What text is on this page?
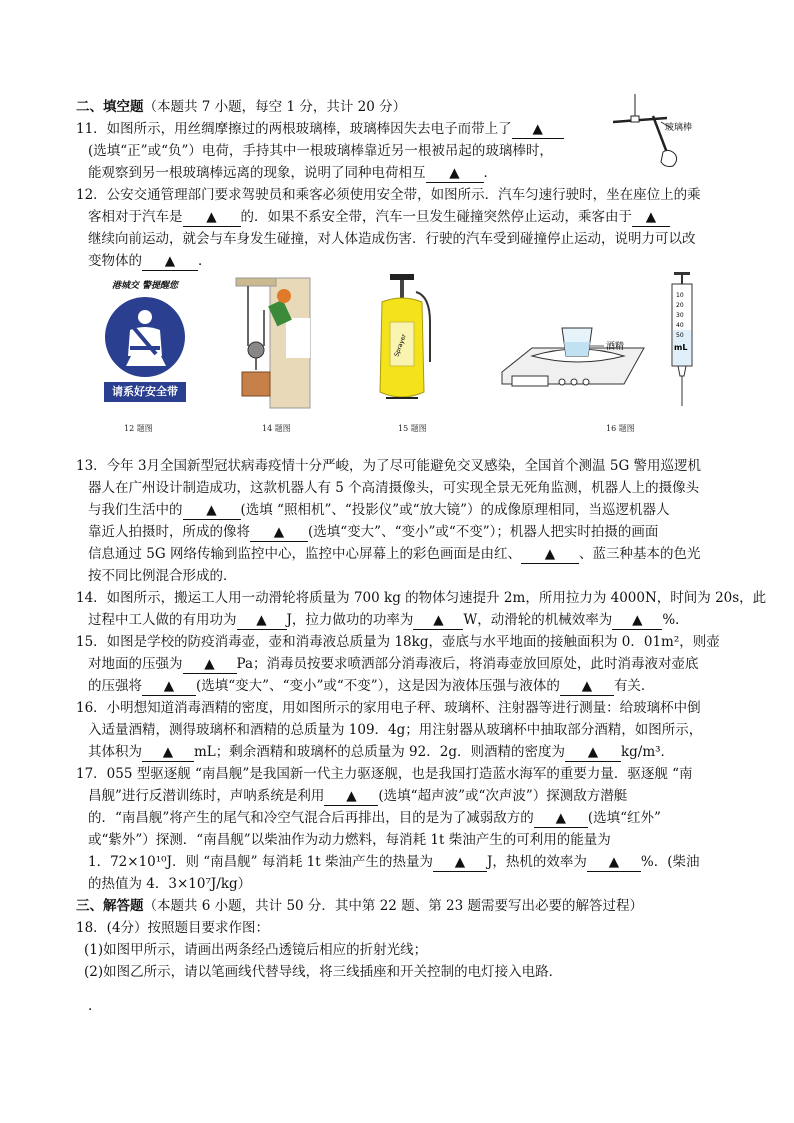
二、填空题（本题共 7 小题，每空 1 分，共计 20 分）
11．如图所示，用丝绸摩擦过的两根玻璃棒，玻璃棒因失去电子而带上了 ▲
(选填“正”或“负”）电荷，手持其中一根玻璃棒靠近另一根被吊起的玻璃棒时，
能观察到另一根玻璃棒远离的现象，说明了同种电荷相互 ▲ ．
玻璃棒
12．公安交通管理部门要求驾驶员和乘客必须使用安全带，如图所示．汽车匀速行驶时，坐在座位上的乘
客相对于汽车是 ▲ 的．如果不系安全带，汽车一旦发生碰撞突然停止运动，乘客由于 ▲
继续向前运动，就会与车身发生碰撞，对人体造成伤害．行驶的汽车受到碰撞停止运动，说明力可以改
变物体的 ▲ ．
港城交 警提醒您
请系好安全带
12 题图	14 题图
Sprayer
15 题图
酒精
10
20
30
40
50
mL
16 题图
13．今年 3月全国新型冠状病毒疫情十分严峻，为了尽可能避免交叉感染，全国首个测温 5G 警用巡逻机
器人在广州设计制造成功，这款机器人有 5 个高清摄像头，可实现全景无死角监测，机器人上的摄像头
与我们生活中的 ▲ (选填 “照相机”、“投影仪”或“放大镜”）的成像原理相同，当巡逻机器人
靠近人拍摄时，所成的像将 ▲ (选填“变大”、“变小”或“不变”）；机器人把实时拍摄的画面
信息通过 5G 网络传输到监控中心，监控中心屏幕上的彩色画面是由红、 ▲ 、蓝三种基本的色光
按不同比例混合形成的．
14．如图所示，搬运工人用一动滑轮将质量为 700 kg 的物体匀速提升 2m，所用拉力为 4000N，时间为 20s，此
过程中工人做的有用功为 ▲ J，拉力做功的功率为 ▲ W，动滑轮的机械效率为 ▲ %．
15．如图是学校的防疫消毒壶，壶和消毒液总质量为 18kg，壶底与水平地面的接触面积为 0．01m²，则壶
对地面的压强为 ▲ Pa；消毒员按要求喷洒部分消毒液后，将消毒壶放回原处，此时消毒液对壶底
的压强将 ▲ (选填“变大”、“变小”或“不变”），这是因为液体压强与液体的 ▲ 有关．
16．小明想知道消毒酒精的密度，用如图所示的家用电子秤、玻璃杯、注射器等进行测量：给玻璃杯中倒
入适量酒精，测得玻璃杯和酒精的总质量为 109．4g；用注射器从玻璃杯中抽取部分酒精，如图所示，
其体积为 ▲ mL；剩余酒精和玻璃杯的总质量为 92．2g．则酒精的密度为 ▲ kg/m³．
17．055 型驱逐舰 “南昌舰”是我国新一代主力驱逐舰，也是我国打造蓝水海军的重要力量．驱逐舰 “南
昌舰”进行反潜训练时，声呐系统是利用 ▲ (选填“超声波”或“次声波”）探测敌方潜艇
的．“南昌舰”将产生的尾气和冷空气混合后再排出，目的是为了减弱敌方的 ▲ (选填“红外”
或“紫外”）探测．“南昌舰”以柴油作为动力燃料，每消耗 1t 柴油产生的可利用的能量为
1．72×10¹⁰J．则 “南昌舰” 每消耗 1t 柴油产生的热量为 ▲ J，热机的效率为 ▲ %．(柴油
的热值为 4．3×10⁷J/kg）
三、解答题（本题共 6 小题，共计 50 分．其中第 22 题、第 23 题需要写出必要的解答过程）
18．(4分）按照题目要求作图：
(1)如图甲所示，请画出两条经凸透镜后相应的折射光线；
(2)如图乙所示，请以笔画线代替导线，将三线插座和开关控制的电灯接入电路．
.
